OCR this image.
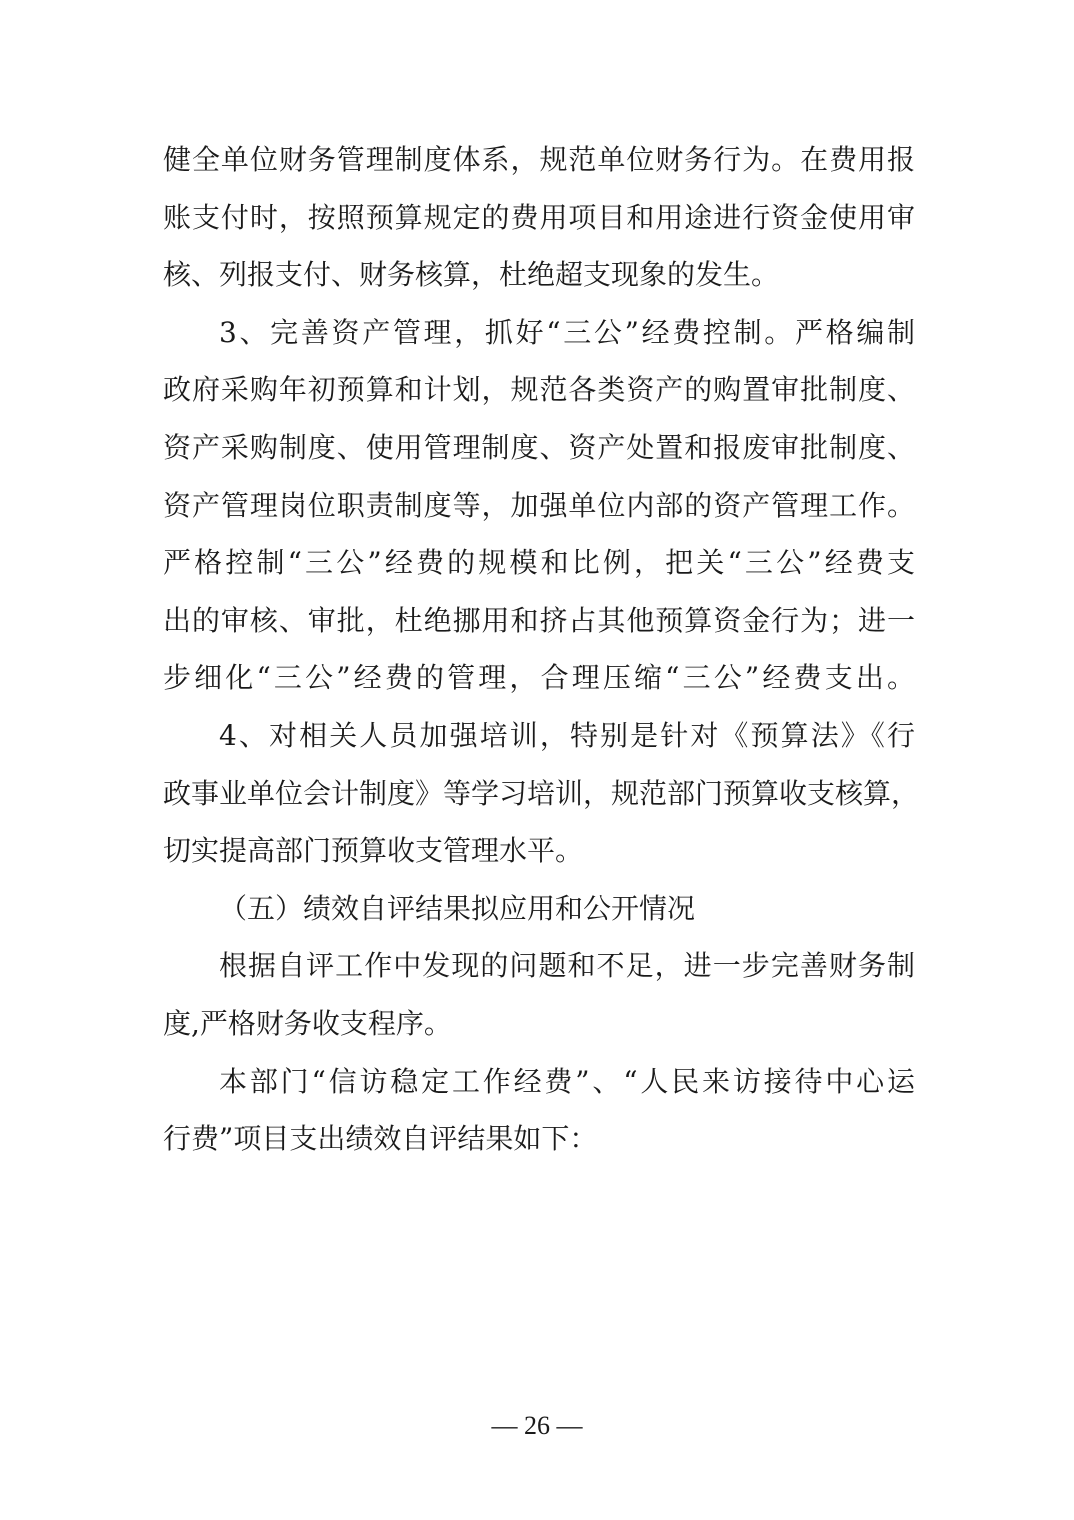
健全单位财务管理制度体系，规范单位财务行为。在费用报
账支付时，按照预算规定的费用项目和用途进行资金使用审
核、列报支付、财务核算，杜绝超支现象的发生。
3、完善资产管理，抓好“三公”经费控制。严格编制
政府采购年初预算和计划，规范各类资产的购置审批制度、
资产采购制度、使用管理制度、资产处置和报废审批制度、
资产管理岗位职责制度等，加强单位内部的资产管理工作。
严格控制“三公”经费的规模和比例，把关“三公”经费支
出的审核、审批，杜绝挪用和挤占其他预算资金行为；进一
步细化“三公”经费的管理，合理压缩“三公”经费支出。
4、对相关人员加强培训，特别是针对《预算法》《行
政事业单位会计制度》等学习培训，规范部门预算收支核算，
切实提高部门预算收支管理水平。
（五）绩效自评结果拟应用和公开情况
根据自评工作中发现的问题和不足，进一步完善财务制
度,严格财务收支程序。
本部门“信访稳定工作经费”、“人民来访接待中心运
行费”项目支出绩效自评结果如下：
— 26 —
